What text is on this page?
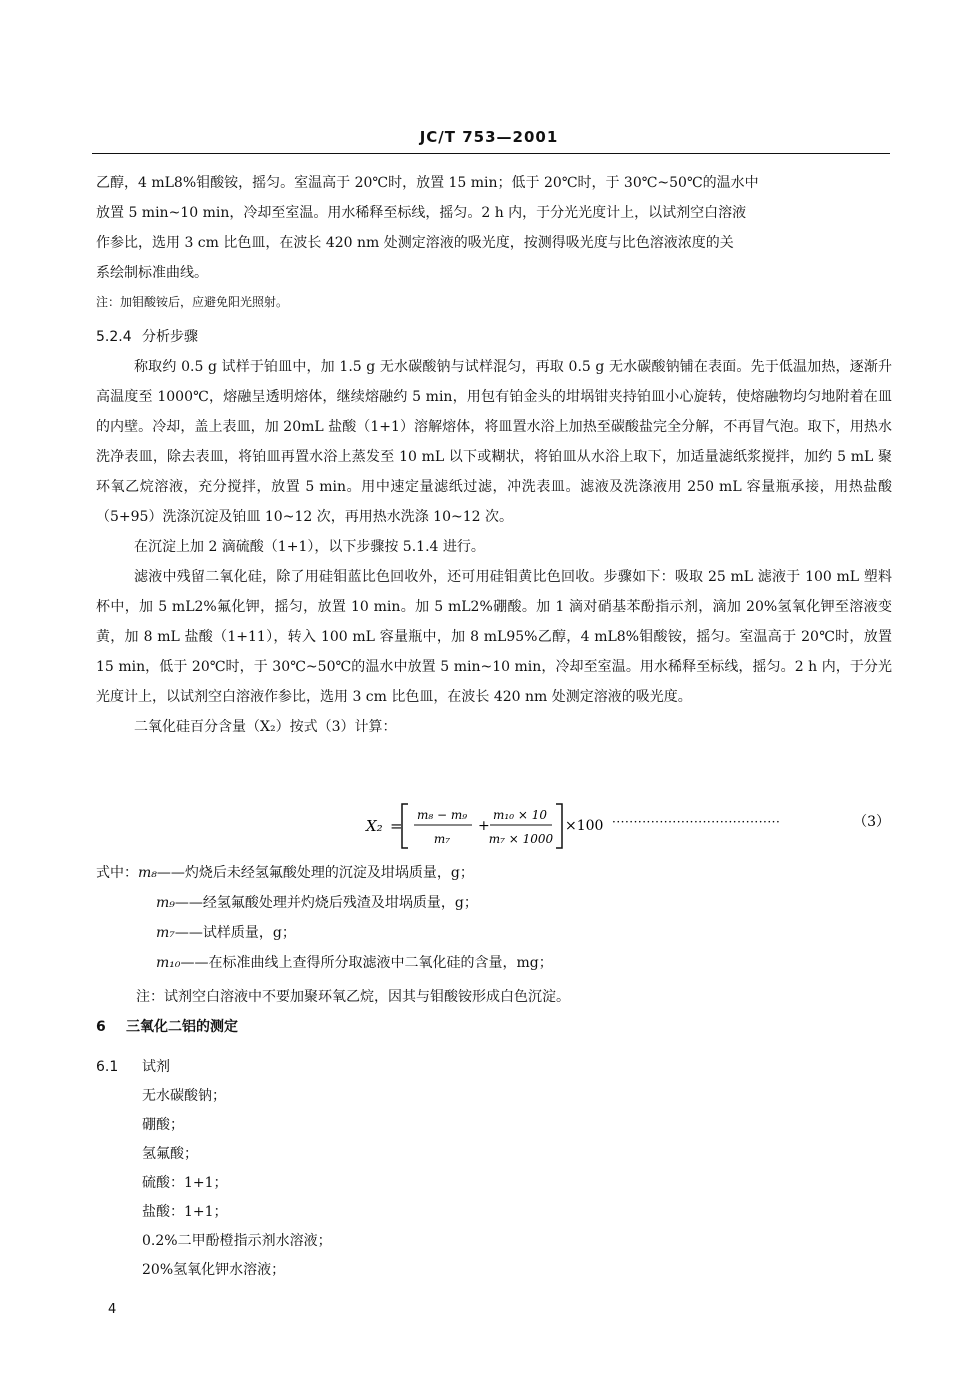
JC/T 753—2001

乙醇，4 mL8%钼酸铵，摇匀。室温高于 20℃时，放置 15 min；低于 20℃时，于 30℃~50℃的温水中

放置 5 min~10 min，冷却至室温。用水稀释至标线，摇匀。2 h 内，于分光光度计上，以试剂空白溶液

作参比，选用 3 cm 比色皿，在波长 420 nm 处测定溶液的吸光度，按测得吸光度与比色溶液浓度的关

系绘制标准曲线。

注：加钼酸铵后，应避免阳光照射。

5.2.4 分析步骤

称取约 0.5 g 试样于铂皿中，加 1.5 g 无水碳酸钠与试样混匀，再取 0.5 g 无水碳酸钠铺在表面。先于低温加热，逐渐升高温度至 1000℃，熔融呈透明熔体，继续熔融约 5 min，用包有铂金头的坩埚钳夹持铂皿小心旋转，使熔融物均匀地附着在皿的内壁。冷却，盖上表皿，加 20mL 盐酸（1+1）溶解熔体，将皿置水浴上加热至碳酸盐完全分解，不再冒气泡。取下，用热水洗净表皿，除去表皿，将铂皿再置水浴上蒸发至 10 mL 以下或糊状，将铂皿从水浴上取下，加适量滤纸浆搅拌，加约 5 mL 聚环氧乙烷溶液，充分搅拌，放置 5 min。用中速定量滤纸过滤，冲洗表皿。滤液及洗涤液用 250 mL 容量瓶承接，用热盐酸（5+95）洗涤沉淀及铂皿 10~12 次，再用热水洗涤 10~12 次。

在沉淀上加 2 滴硫酸（1+1），以下步骤按 5.1.4 进行。

滤液中残留二氧化硅，除了用硅钼蓝比色回收外，还可用硅钼黄比色回收。步骤如下：吸取 25 mL 滤液于 100 mL 塑料杯中，加 5 mL2%氟化钾，摇匀，放置 10 min。加 5 mL2%硼酸。加 1 滴对硝基苯酚指示剂，滴加 20%氢氧化钾至溶液变黄，加 8 mL 盐酸（1+11），转入 100 mL 容量瓶中，加 8 mL95%乙醇，4 mL8%钼酸铵，摇匀。室温高于 20℃时，放置 15 min，低于 20℃时，于 30℃~50℃的温水中放置 5 min~10 min，冷却至室温。用水稀释至标线，摇匀。2 h 内，于分光光度计上，以试剂空白溶液作参比，选用 3 cm 比色皿，在波长 420 nm 处测定溶液的吸光度。

二氧化硅百分含量（X₂）按式（3）计算：

X₂ =
m₈ − m₉
m₇
+
m₁₀ × 10
m₇ × 1000
×100 ·······································	（3）

式中：m₈——灼烧后未经氢氟酸处理的沉淀及坩埚质量，g；

m₉——经氢氟酸处理并灼烧后残渣及坩埚质量，g；

m₇——试样质量，g；

m₁₀——在标准曲线上查得所分取滤液中二氧化硅的含量，mg；

注：试剂空白溶液中不要加聚环氧乙烷，因其与钼酸铵形成白色沉淀。

6 三氧化二铝的测定

6.1 试剂

无水碳酸钠；

硼酸；

氢氟酸；

硫酸：1+1；

盐酸：1+1；

0.2%二甲酚橙指示剂水溶液；

20%氢氧化钾水溶液；

4
